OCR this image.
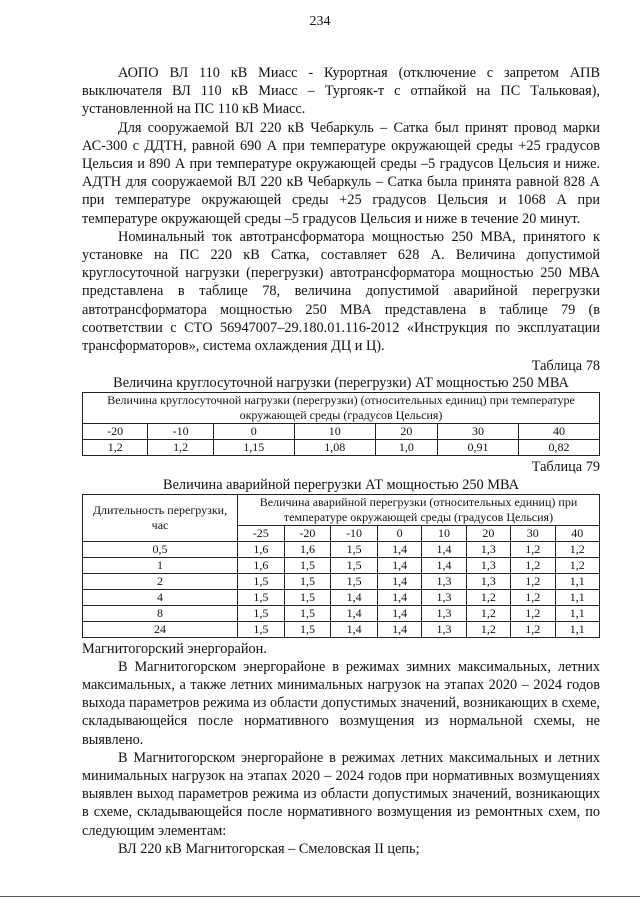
234

АОПО ВЛ 110 кВ Миасс - Курортная (отключение с запретом АПВ выключателя ВЛ 110 кВ Миасс – Тургояк-т с отпайкой на ПС Тальковая), установленной на ПС 110 кВ Миасс.

Для сооружаемой ВЛ 220 кВ Чебаркуль – Сатка был принят провод марки АС-300 с ДДТН, равной 690 А при температуре окружающей среды +25 градусов Цельсия и 890 А при температуре окружающей среды –5 градусов Цельсия и ниже. АДТН для сооружаемой ВЛ 220 кВ Чебаркуль – Сатка была принята равной 828 А при температуре окружающей среды +25 градусов Цельсия и 1068 А при температуре окружающей среды –5 градусов Цельсия и ниже в течение 20 минут.

Номинальный ток автотрансформатора мощностью 250 МВА, принятого к установке на ПС 220 кВ Сатка, составляет 628 А. Величина допустимой круглосуточной нагрузки (перегрузки) автотрансформатора мощностью 250 МВА представлена в таблице 78, величина допустимой аварийной перегрузки автотрансформатора мощностью 250 МВА представлена в таблице 79 (в соответствии с СТО 56947007–29.180.01.116-2012 «Инструкция по эксплуатации трансформаторов», система охлаждения ДЦ и Ц).

Таблица 78
Величина круглосуточной нагрузки (перегрузки) АТ мощностью 250 МВА
Величина круглосуточной нагрузки (перегрузки) (относительных единиц) при температуре окружающей среды (градусов Цельсия)						
-20	-10	0	10	20	30	40
1,2	1,2	1,15	1,08	1,0	0,91	0,82
Таблица 79
Величина аварийной перегрузки АТ мощностью 250 МВА
Длительность перегрузки, час	Величина аварийной перегрузки (относительных единиц) при температуре окружающей среды (градусов Цельсия)							
	-25	-20	-10	0	10	20	30	40
0,5	1,6	1,6	1,5	1,4	1,4	1,3	1,2	1,2
1	1,6	1,5	1,5	1,4	1,4	1,3	1,2	1,2
2	1,5	1,5	1,5	1,4	1,3	1,3	1,2	1,1
4	1,5	1,5	1,4	1,4	1,3	1,2	1,2	1,1
8	1,5	1,5	1,4	1,4	1,3	1,2	1,2	1,1
24	1,5	1,5	1,4	1,4	1,3	1,2	1,2	1,1

Магнитогорский энергорайон.

В Магнитогорском энергорайоне в режимах зимних максимальных, летних максимальных, а также летних минимальных нагрузок на этапах 2020 – 2024 годов выхода параметров режима из области допустимых значений, возникающих в схеме, складывающейся после нормативного возмущения из нормальной схемы, не выявлено.

В Магнитогорском энергорайоне в режимах летних максимальных и летних минимальных нагрузок на этапах 2020 – 2024 годов при нормативных возмущениях выявлен выход параметров режима из области допустимых значений, возникающих в схеме, складывающейся после нормативного возмущения из ремонтных схем, по следующим элементам:

ВЛ 220 кВ Магнитогорская – Смеловская II цепь;
